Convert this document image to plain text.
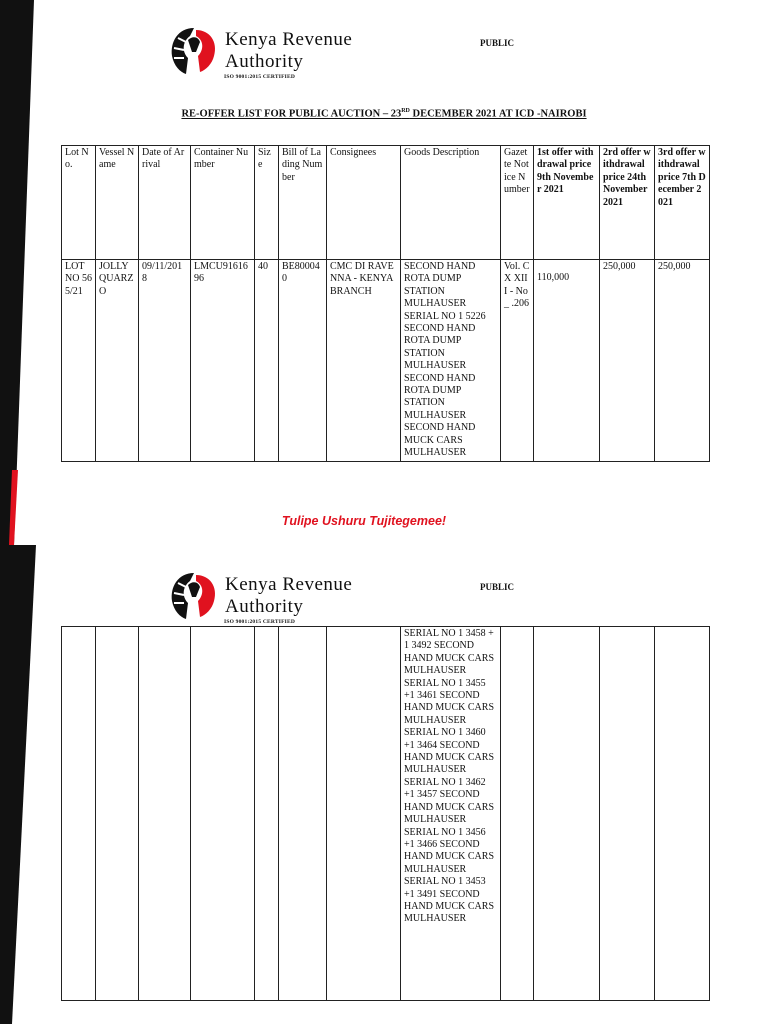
Kenya Revenue
Authority
ISO 9001:2015 CERTIFIED
PUBLIC
RE-OFFER LIST FOR PUBLIC AUCTION – 23RD DECEMBER 2021 AT ICD -NAIROBI
Lot No.	Vessel Name	Date of Arrival	Container Number	Size	Bill of Lading Number	Consignees	Goods Description	Gazette Notice Number	1st offer withdrawal price 9th November 2021	2rd offer withdrawal price 24th November 2021	3rd offer withdrawal price 7th December 2021
LOT NO 565/21	JOLLY QUARZO	09/11/2018	LMCU9161696	40	BE800040	CMC DI RAVENNA - KENYA BRANCH	SECOND HAND ROTA DUMP STATION MULHAUSER SERIAL NO 1 5226 SECOND HAND ROTA DUMP STATION MULHAUSER SECOND HAND ROTA DUMP STATION MULHAUSER SECOND HAND MUCK CARS MULHAUSER	Vol. CX XIII - No_ .206	110,000	250,000	250,000
Tulipe Ushuru Tujitegemee!
Kenya Revenue
Authority
ISO 9001:2015 CERTIFIED
PUBLIC
							SERIAL NO 1 3458 + 1 3492 SECOND HAND MUCK CARS MULHAUSER SERIAL NO 1 3455 +1 3461 SECOND HAND MUCK CARS MULHAUSER SERIAL NO 1 3460 +1 3464 SECOND HAND MUCK CARS MULHAUSER SERIAL NO 1 3462 +1 3457 SECOND HAND MUCK CARS MULHAUSER SERIAL NO 1 3456 +1 3466 SECOND HAND MUCK CARS MULHAUSER SERIAL NO 1 3453 +1 3491 SECOND HAND MUCK CARS MULHAUSER				
